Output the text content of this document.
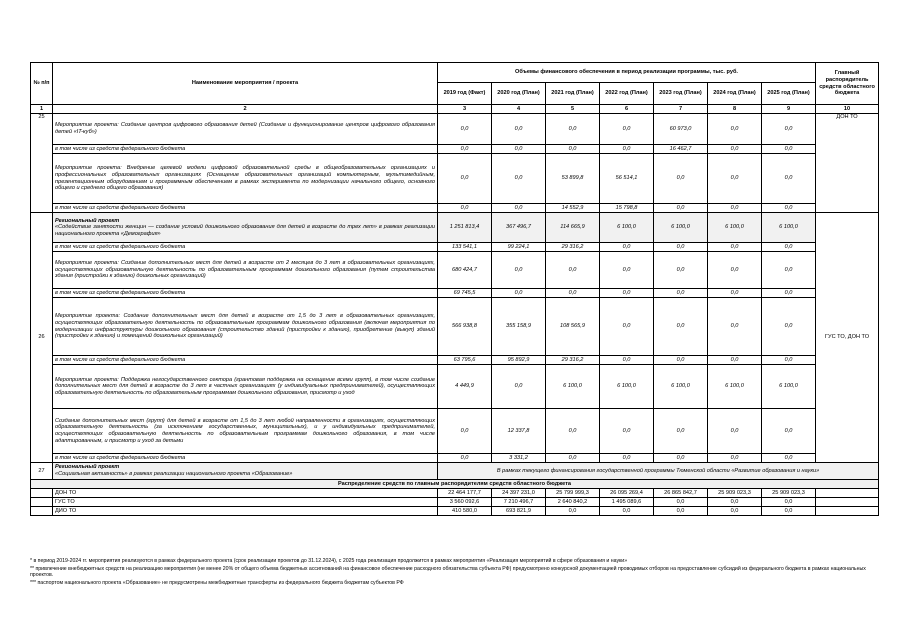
№ п/п	Наименование мероприятия / проекта	Объемы финансового обеспечения в период реализации программы, тыс. руб.							Главный распорядитель средств областного бюджета
		2019 год (Факт)	2020 год (План)	2021 год (План)	2022 год (План)	2023 год (План)	2024 год (План)	2025 год (План)	
1	2	3	4	5	6	7	8	9	10
25	Мероприятие проекта: Создание центров цифрового образования детей (Создание и функционирование центров цифрового образования детей «IT-куб»)	0,0	0,0	0,0	0,0	60 973,0	0,0	0,0	ДОН ТО
	в том числе из средств федерального бюджета	0,0	0,0	0,0	0,0	16 462,7	0,0	0,0	
	Мероприятие проекта: Внедрение целевой модели цифровой образовательной среды в общеобразовательных организациях и профессиональных образовательных организациях (Оснащение образовательных организаций компьютерным, мультимедийным, презентационным оборудованием и программным обеспечением в рамках эксперимента по модернизации начального общего, основного общего и среднего общего образования)	0,0	0,0	53 899,8	56 514,1	0,0	0,0	0,0	
	в том числе из средств федерального бюджета	0,0	0,0	14 552,9	15 798,8	0,0	0,0	0,0	
26	Региональный проект
«Содействие занятости женщин — создание условий дошкольного образования для детей в возрасте до трех лет» в рамках реализации национального проекта «Демография»	1 251 813,4	367 496,7	114 665,9	6 100,0	6 100,0	6 100,0	6 100,0	ГУС ТО, ДОН ТО
	в том числе из средств федерального бюджета	133 541,1	99 224,1	29 316,2	0,0	0,0	0,0	0,0	
	Мероприятие проекта: Создание дополнительных мест для детей в возрасте от 2 месяцев до 3 лет в образовательных организациях, осуществляющих образовательную деятельность по образовательным программам дошкольного образования (путем строительства здания (пристройки к зданию) дошкольных организаций)	680 424,7	0,0	0,0	0,0	0,0	0,0	0,0	
	в том числе из средств федерального бюджета	69 745,5	0,0	0,0	0,0	0,0	0,0	0,0	
	Мероприятие проекта: Создание дополнительных мест для детей в возрасте от 1,5 до 3 лет в образовательных организациях, осуществляющих образовательную деятельность по образовательным программам дошкольного образования (включая мероприятия по модернизации инфраструктуры дошкольного образования (строительство зданий (пристройки к зданию), приобретение (выкуп) зданий (пристройки к зданию) и помещений дошкольных организаций)	566 938,8	355 158,9	108 565,9	0,0	0,0	0,0	0,0	
	в том числе из средств федерального бюджета	63 795,6	95 892,9	29 316,2	0,0	0,0	0,0	0,0	
	Мероприятие проекта: Поддержка негосударственного сектора (грантовая поддержка на оснащение всеми групп), в том числе создание дополнительных мест для детей в возрасте до 3 лет в частных организациях (у индивидуальных предпринимателей), осуществляющих образовательную деятельность по образовательным программам дошкольного образования, присмотр и уход	4 449,9	0,0	6 100,0	6 100,0	6 100,0	6 100,0	6 100,0	
	Создание дополнительных мест (групп) для детей в возрасте от 1,5 до 3 лет любой направленности в организациях, осуществляющих образовательную деятельность (за исключением государственных, муниципальных), и у индивидуальных предпринимателей, осуществляющих образовательную деятельность по образовательным программам дошкольного образования, в том числе адаптированным, и присмотр и уход за детьми	0,0	12 337,8	0,0	0,0	0,0	0,0	0,0	
	в том числе из средств федерального бюджета	0,0	3 331,2	0,0	0,0	0,0	0,0	0,0	
27	Региональный проект
«Социальная активность» в рамках реализации национального проекта «Образование»	В рамках текущего финансирования государственной программы Тюменской области «Развитие образования и науки»							
Распределение средств по главным распорядителям средств областного бюджета									
	ДОН ТО	22 464 177,7	24 397 231,0	25 799 999,3	26 095 269,4	26 865 842,7	25 909 023,3	25 909 023,3	
	ГУС ТО	3 560 092,6	7 210 496,7	2 640 840,2	1 495 089,6	0,0	0,0	0,0	
	ДИО ТО	410 580,0	693 821,9	0,0	0,0	0,0	0,0	0,0	

* в период 2019-2024 гг. мероприятия реализуются в рамках федерального проекта (срок реализации проектов до 31.12.2024), с 2025 года реализация продолжится в рамках мероприятия «Реализация мероприятий в сфере образования и науки»

** привлечение внебюджетных средств на реализацию мероприятия (не менее 20% от общего объема бюджетных ассигнований на финансовое обеспечение расходного обязательства субъекта РФ) предусмотрено конкурсной документацией проводимых отборов на предоставление субсидий из федерального бюджета в рамках национальных проектов.

*** паспортом национального проекта «Образование» не предусмотрены межбюджетные трансферты из федерального бюджета бюджетам субъектов РФ
